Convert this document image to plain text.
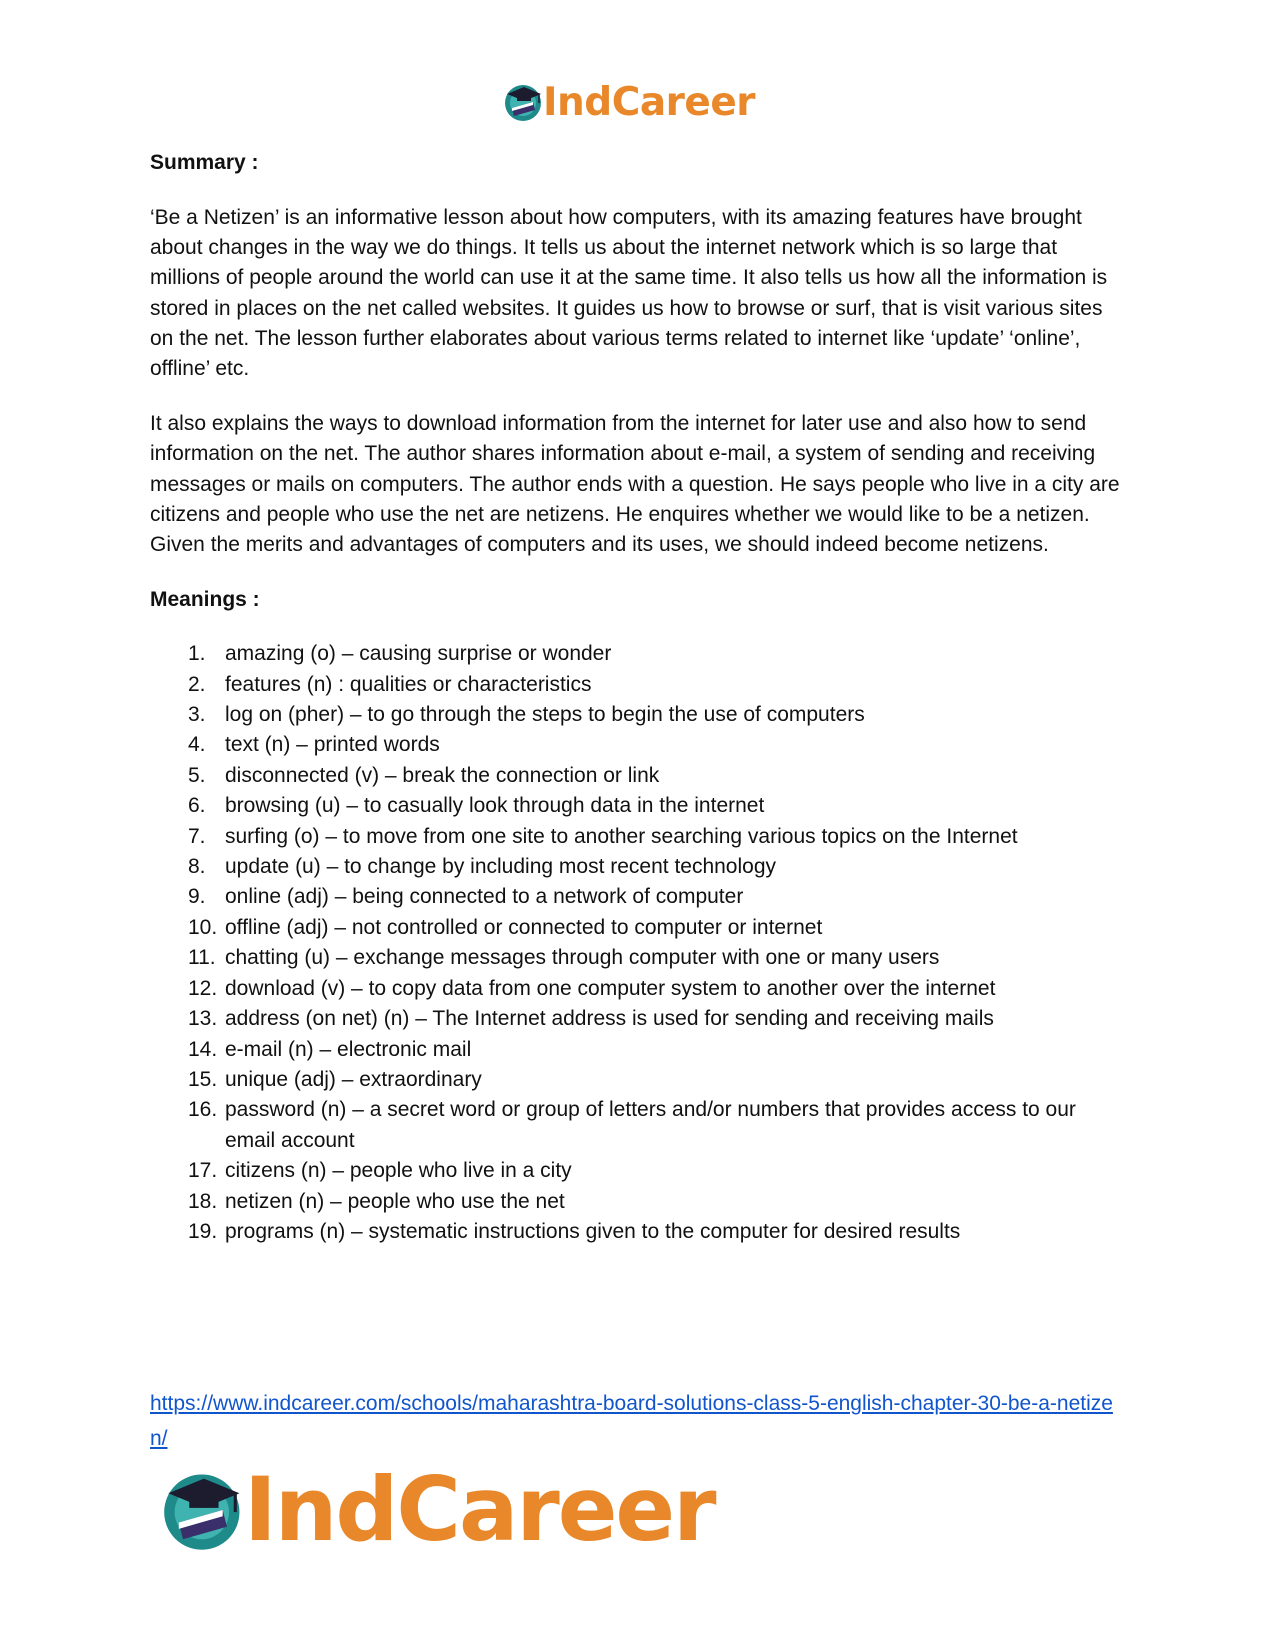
IndCareer

Summary :

‘Be a Netizen’ is an informative lesson about how computers, with its amazing features have brought about changes in the way we do things. It tells us about the internet network which is so large that millions of people around the world can use it at the same time. It also tells us how all the information is stored in places on the net called websites. It guides us how to browse or surf, that is visit various sites on the net. The lesson further elaborates about various terms related to internet like ‘update’ ‘online’, offline’ etc.

It also explains the ways to download information from the internet for later use and also how to send information on the net. The author shares information about e-mail, a system of sending and receiving messages or mails on computers. The author ends with a question. He says people who live in a city are citizens and people who use the net are netizens. He enquires whether we would like to be a netizen. Given the merits and advantages of computers and its uses, we should indeed become netizens.

Meanings :

1. amazing (o) – causing surprise or wonder
2. features (n) : qualities or characteristics
3. log on (pher) – to go through the steps to begin the use of computers
4. text (n) – printed words
5. disconnected (v) – break the connection or link
6. browsing (u) – to casually look through data in the internet
7. surfing (o) – to move from one site to another searching various topics on the Internet
8. update (u) – to change by including most recent technology
9. online (adj) – being connected to a network of computer
10. offline (adj) – not controlled or connected to computer or internet
11. chatting (u) – exchange messages through computer with one or many users
12. download (v) – to copy data from one computer system to another over the internet
13. address (on net) (n) – The Internet address is used for sending and receiving mails
14. e-mail (n) – electronic mail
15. unique (adj) – extraordinary
16. password (n) – a secret word or group of letters and/or numbers that provides access to our email account
17. citizens (n) – people who live in a city
18. netizen (n) – people who use the net
19. programs (n) – systematic instructions given to the computer for desired results
https://www.indcareer.com/schools/maharashtra-board-solutions-class-5-english-chapter-30-be-a-netizen/
IndCareer
